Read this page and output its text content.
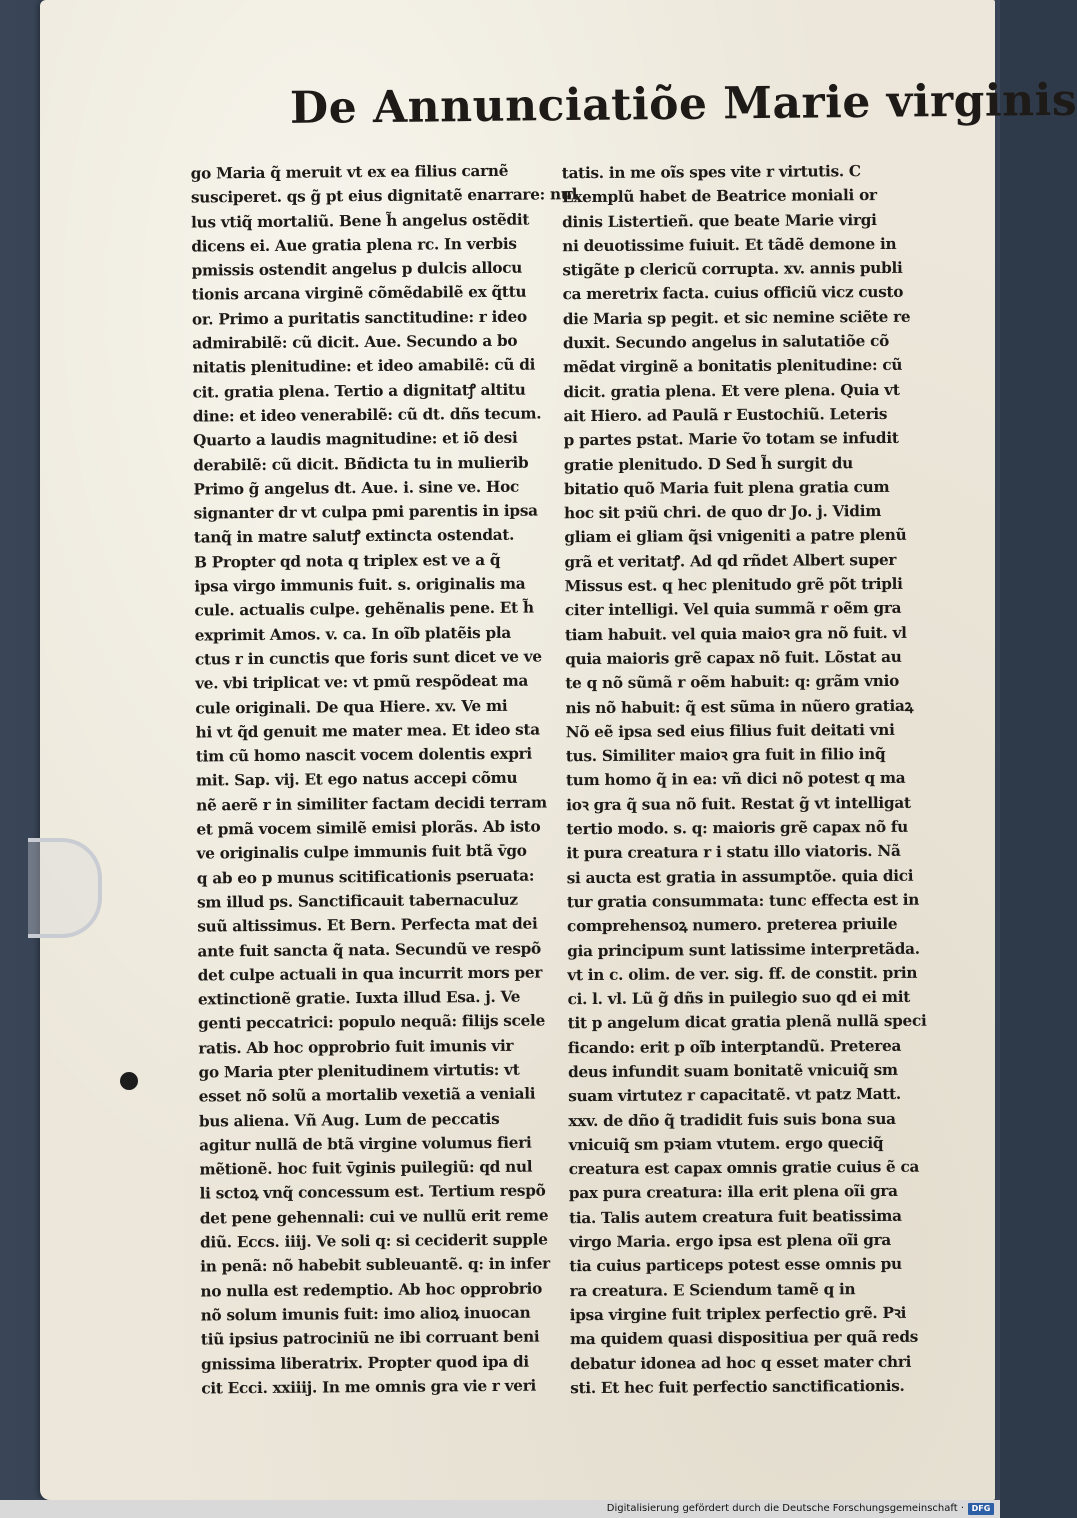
De Annunciatiõe Marie virginis
go Maria q̃ meruit vt ex ea filius carnẽ
susciperet. qs g̃ pt eius dignitatẽ enarrare: nul
lus vtiq̃ mortaliũ. Bene h̃ angelus ostẽdit
dicens ei. Aue gratia plena rc. In verbis
pmissis ostendit angelus p dulcis allocu
tionis arcana virginẽ cõmẽdabilẽ ex q̃ttu
or. Primo a puritatis sanctitudine: r ideo
admirabilẽ: cũ dicit. Aue. Secundo a bo
nitatis plenitudine: et ideo amabilẽ: cũ di
cit. gratia plena. Tertio a dignitatꝭ altitu
dine: et ideo venerabilẽ: cũ dt. dñs tecum.
Quarto a laudis magnitudine: et iõ desi
derabilẽ: cũ dicit. Bñdicta tu in mulierib
Primo g̃ angelus dt. Aue. i. sine ve. Hoc
signanter dr vt culpa pmi parentis in ipsa
tanq̃ in matre salutꝭ extincta ostendat.
B Propter qd nota q triplex est ve a q̃
ipsa virgo immunis fuit. s. originalis ma
cule. actualis culpe. gehẽnalis pene. Et h̃
exprimit Amos. v. ca. In oĩb platẽis pla
ctus r in cunctis que foris sunt dicet ve ve
ve. vbi triplicat ve: vt pmũ respõdeat ma
cule originali. De qua Hiere. xv. Ve mi
hi vt q̃d genuit me mater mea. Et ideo sta
tim cũ homo nascit vocem dolentis expri
mit. Sap. vij. Et ego natus accepi cõmu
nẽ aerẽ r in similiter factam decidi terram
et pmã vocem similẽ emisi plorãs. Ab isto
ve originalis culpe immunis fuit btã v̄go
q ab eo p munus scitificationis pseruata:
sm illud ps. Sanctificauit tabernaculuz
suũ altissimus. Et Bern. Perfecta mat dei
ante fuit sancta q̃ nata. Secundũ ve respõ
det culpe actuali in qua incurrit mors per
extinctionẽ gratie. Iuxta illud Esa. j. Ve
genti peccatrici: populo nequã: filijs scele
ratis. Ab hoc opprobrio fuit imunis vir
go Maria pter plenitudinem virtutis: vt
esset nõ solũ a mortalib vexetiã a veniali
bus aliena. Vñ Aug. Lum de peccatis
agitur nullã de btã virgine volumus fieri
mẽtionẽ. hoc fuit v̄ginis puilegiũ: qd nul
li sctoꝝ vnq̃ concessum est. Tertium respõ
det pene gehennali: cui ve nullũ erit reme
diũ. Eccs. iiij. Ve soli q: si ceciderit supple
in penã: nõ habebit subleuantẽ. q: in infer
no nulla est redemptio. Ab hoc opprobrio
nõ solum imunis fuit: imo alioꝝ inuocan
tiũ ipsius patrociniũ ne ibi corruant beni
gnissima liberatrix. Propter quod ipa di
cit Ecci. xxiiij. In me omnis gra vie r veri
tatis. in me oĩs spes vite r virtutis. C
Exemplũ habet de Beatrice moniali or
dinis Listertieñ. que beate Marie virgi
ni deuotissime fuiuit. Et tãdẽ demone in
stigãte p clericũ corrupta. xv. annis publi
ca meretrix facta. cuius officiũ vicz custo
die Maria sp pegit. et sic nemine sciẽte re
duxit. Secundo angelus in salutatiõe cõ
mẽdat virginẽ a bonitatis plenitudine: cũ
dicit. gratia plena. Et vere plena. Quia vt
ait Hiero. ad Paulã r Eustochiũ. Leteris
p partes pstat. Marie ṽo totam se infudit
gratie plenitudo. D Sed h̃ surgit du
bitatio quõ Maria fuit plena gratia cum
hoc sit pꝛiũ chri. de quo dr Jo. j. Vidim
gliam ei gliam q̃si vnigeniti a patre plenũ
grã et veritatꝭ. Ad qd rñdet Albert super
Missus est. q hec plenitudo grẽ põt tripli
citer intelligi. Vel quia summã r oẽm gra
tiam habuit. vel quia maioꝛ gra nõ fuit. vl
quia maioris grẽ capax nõ fuit. Lõstat au
te q nõ sũmã r oẽm habuit: q: grãm vnio
nis nõ habuit: q̃ est sũma in nũero gratiaꝝ
Nõ eẽ ipsa sed eius filius fuit deitati vni
tus. Similiter maioꝛ gra fuit in filio inq̃
tum homo q̃ in ea: vñ dici nõ potest q ma
ioꝛ gra q̃ sua nõ fuit. Restat g̃ vt intelligat
tertio modo. s. q: maioris grẽ capax nõ fu
it pura creatura r i statu illo viatoris. Nã
si aucta est gratia in assumptõe. quia dici
tur gratia consummata: tunc effecta est in
comprehensoꝝ numero. preterea priuile
gia principum sunt latissime interpretãda.
vt in c. olim. de ver. sig. ff. de constit. prin
ci. l. vl. Lũ g̃ dñs in puilegio suo qd ei mit
tit p angelum dicat gratia plenã nullã speci
ficando: erit p oĩb interptandũ. Preterea
deus infundit suam bonitatẽ vnicuiq̃ sm
suam virtutez r capacitatẽ. vt patz Matt.
xxv. de dño q̃ tradidit fuis suis bona sua
vnicuiq̃ sm pꝛiam vtutem. ergo queciq̃
creatura est capax omnis gratie cuius ẽ ca
pax pura creatura: illa erit plena oĩi gra
tia. Talis autem creatura fuit beatissima
virgo Maria. ergo ipsa est plena oĩi gra
tia cuius particeps potest esse omnis pu
ra creatura. E Sciendum tamẽ q in
ipsa virgine fuit triplex perfectio grẽ. Pꝛi
ma quidem quasi dispositiua per quã reds
debatur idonea ad hoc q esset mater chri
sti. Et hec fuit perfectio sanctificationis.
Digitalisierung gefördert durch die Deutsche Forschungsgemeinschaft · DFG
